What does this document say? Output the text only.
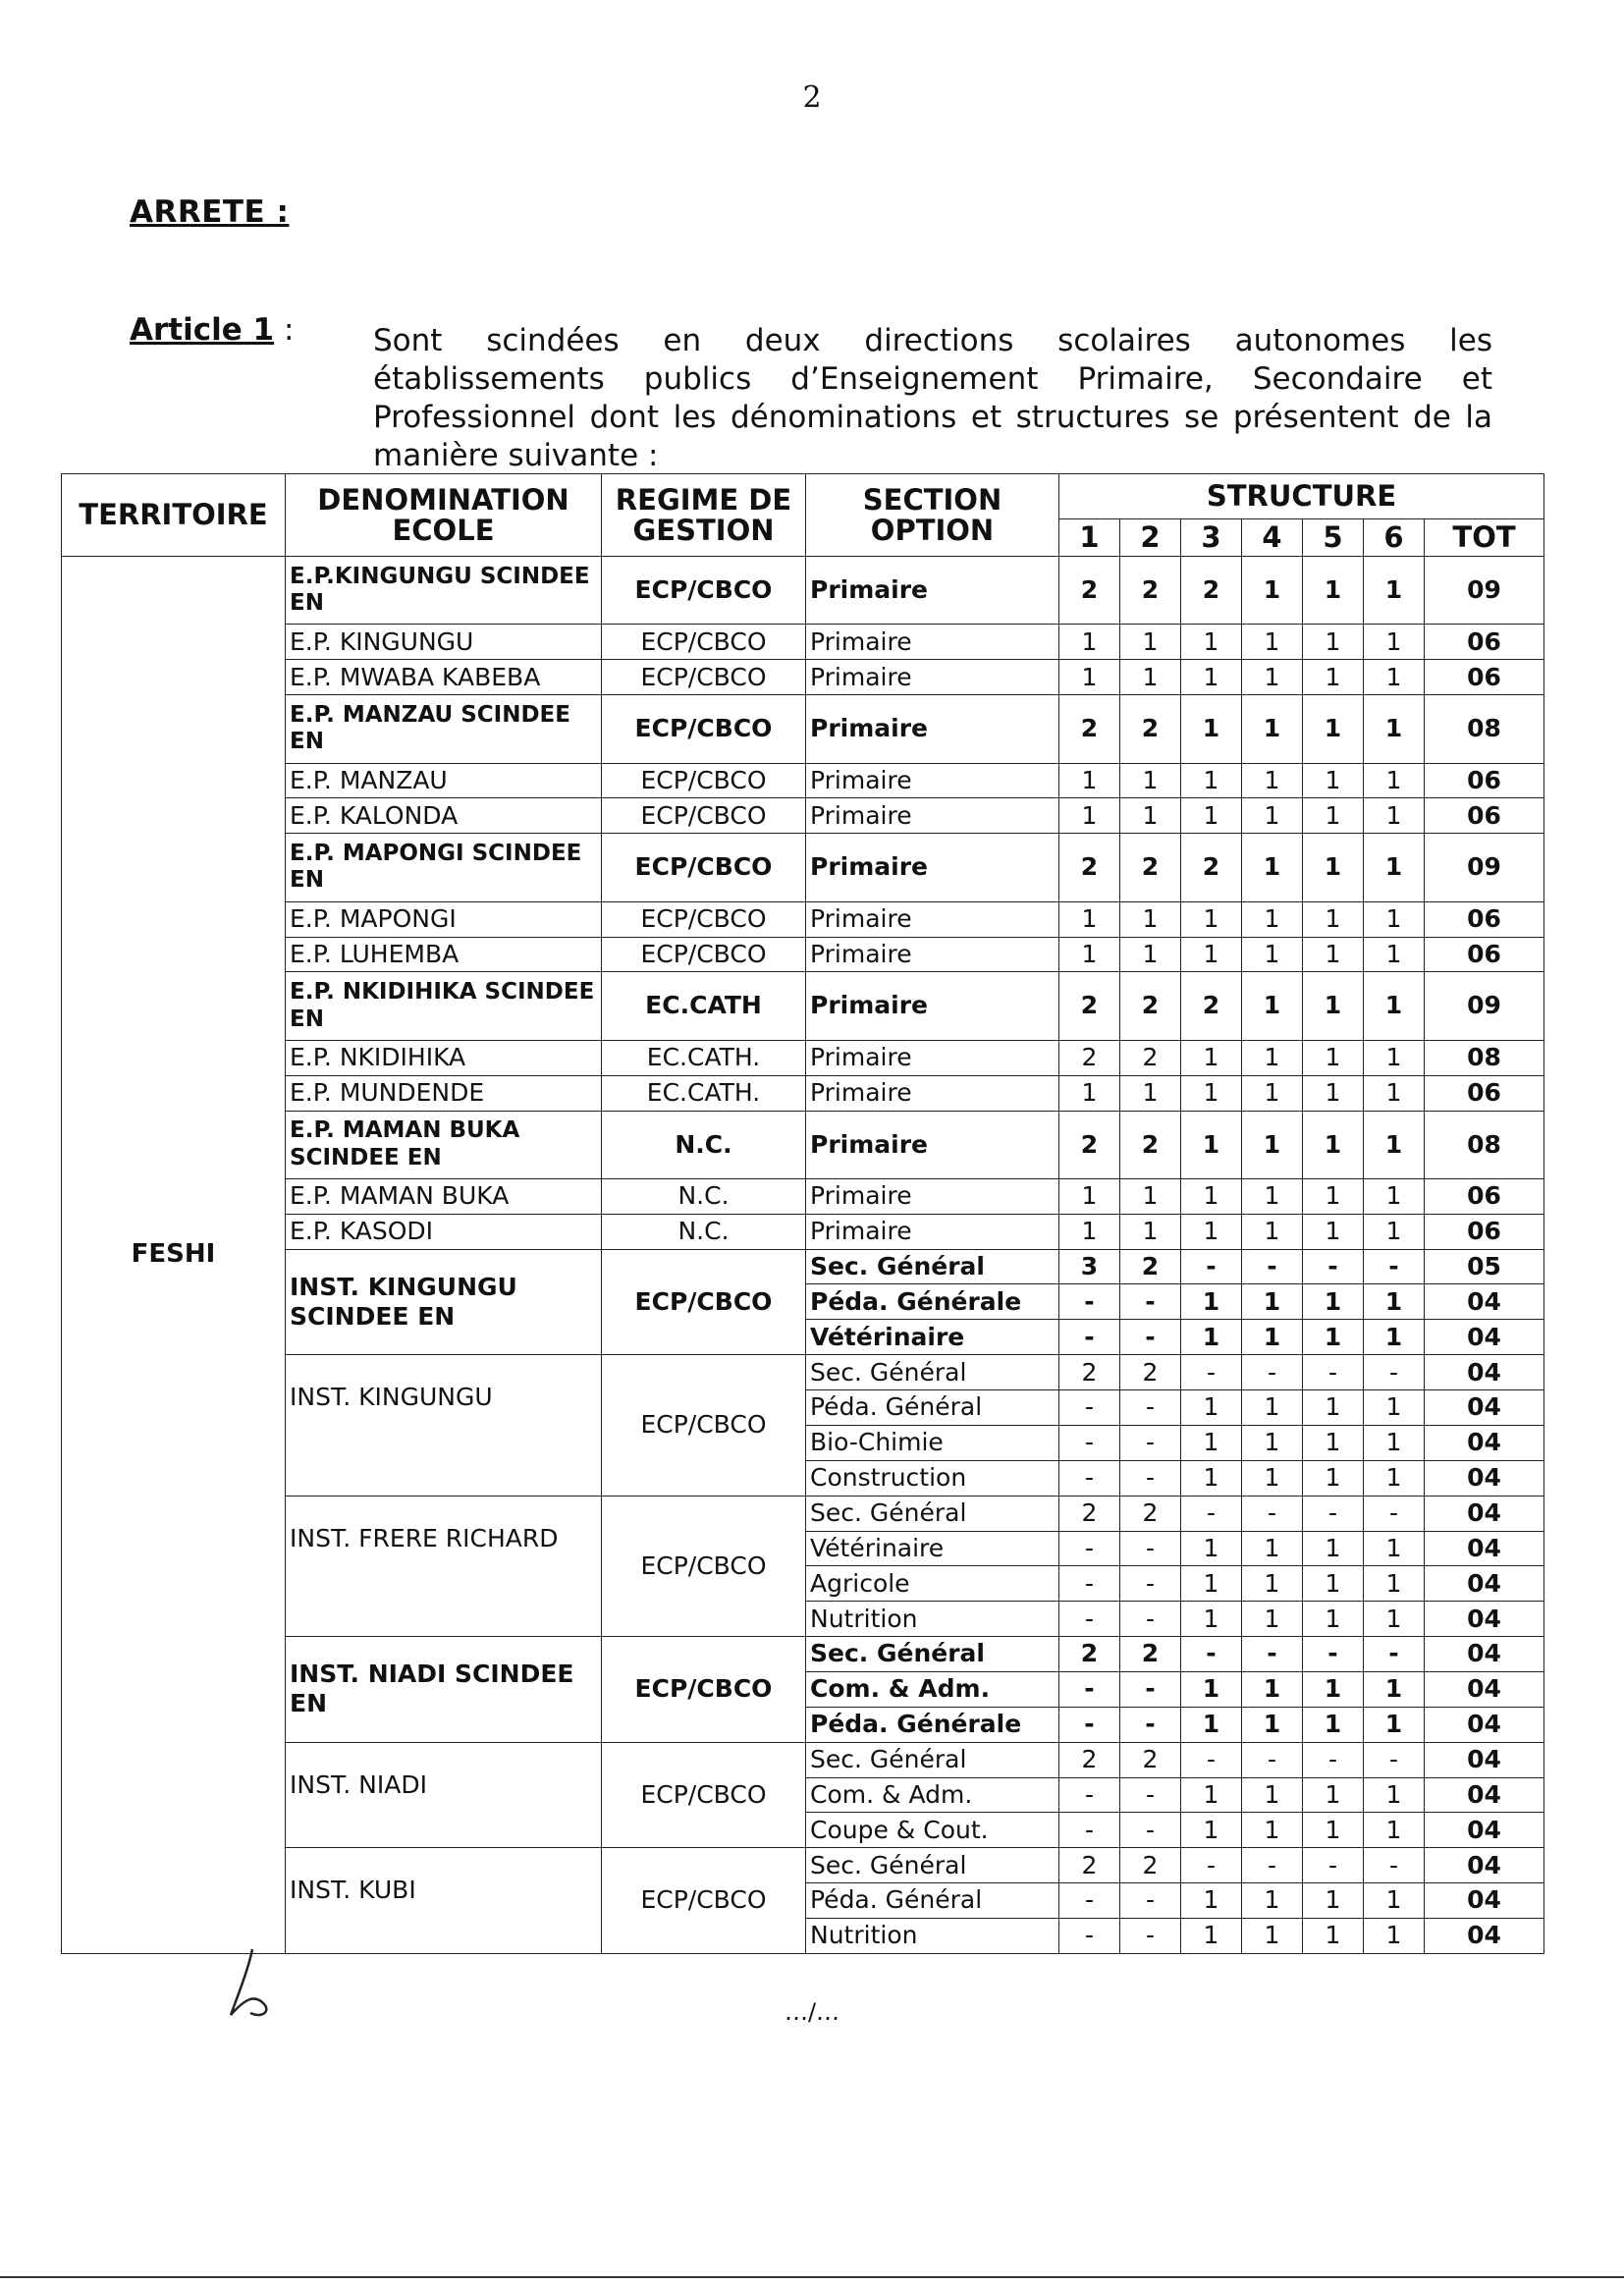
2
ARRETE :
Article 1 :	Sont scindées en deux directions scolaires autonomes les établissements publics d’Enseignement Primaire, Secondaire et Professionnel dont les dénominations et structures se présentent de la manière suivante :
TERRITOIRE	DENOMINATION ECOLE	REGIME DE GESTION	SECTION OPTION	STRUCTURE						
				1	2	3	4	5	6	TOT
FESHI	E.P.KINGUNGU SCINDEE EN	ECP/CBCO	Primaire	2	2	2	1	1	1	09
	E.P. KINGUNGU	ECP/CBCO	Primaire	1	1	1	1	1	1	06
	E.P. MWABA KABEBA	ECP/CBCO	Primaire	1	1	1	1	1	1	06
	E.P. MANZAU SCINDEE EN	ECP/CBCO	Primaire	2	2	1	1	1	1	08
	E.P. MANZAU	ECP/CBCO	Primaire	1	1	1	1	1	1	06
	E.P. KALONDA	ECP/CBCO	Primaire	1	1	1	1	1	1	06
	E.P. MAPONGI SCINDEE EN	ECP/CBCO	Primaire	2	2	2	1	1	1	09
	E.P. MAPONGI	ECP/CBCO	Primaire	1	1	1	1	1	1	06
	E.P. LUHEMBA	ECP/CBCO	Primaire	1	1	1	1	1	1	06
	E.P. NKIDIHIKA SCINDEE EN	EC.CATH	Primaire	2	2	2	1	1	1	09
	E.P. NKIDIHIKA	EC.CATH.	Primaire	2	2	1	1	1	1	08
	E.P. MUNDENDE	EC.CATH.	Primaire	1	1	1	1	1	1	06
	E.P. MAMAN BUKA SCINDEE EN	N.C.	Primaire	2	2	1	1	1	1	08
	E.P. MAMAN BUKA	N.C.	Primaire	1	1	1	1	1	1	06
	E.P. KASODI	N.C.	Primaire	1	1	1	1	1	1	06
	INST. KINGUNGU SCINDEE EN	ECP/CBCO	Sec. Général	3	2	-	-	-	-	05
			Péda. Générale	-	-	1	1	1	1	04
			Vétérinaire	-	-	1	1	1	1	04
	INST. KINGUNGU	ECP/CBCO	Sec. Général	2	2	-	-	-	-	04
			Péda. Général	-	-	1	1	1	1	04
			Bio-Chimie	-	-	1	1	1	1	04
			Construction	-	-	1	1	1	1	04
	INST. FRERE RICHARD	ECP/CBCO	Sec. Général	2	2	-	-	-	-	04
			Vétérinaire	-	-	1	1	1	1	04
			Agricole	-	-	1	1	1	1	04
			Nutrition	-	-	1	1	1	1	04
	INST. NIADI SCINDEE EN	ECP/CBCO	Sec. Général	2	2	-	-	-	-	04
			Com. & Adm.	-	-	1	1	1	1	04
			Péda. Générale	-	-	1	1	1	1	04
	INST. NIADI	ECP/CBCO	Sec. Général	2	2	-	-	-	-	04
			Com. & Adm.	-	-	1	1	1	1	04
			Coupe & Cout.	-	-	1	1	1	1	04
	INST. KUBI	ECP/CBCO	Sec. Général	2	2	-	-	-	-	04
			Péda. Général	-	-	1	1	1	1	04
			Nutrition	-	-	1	1	1	1	04
…/…
